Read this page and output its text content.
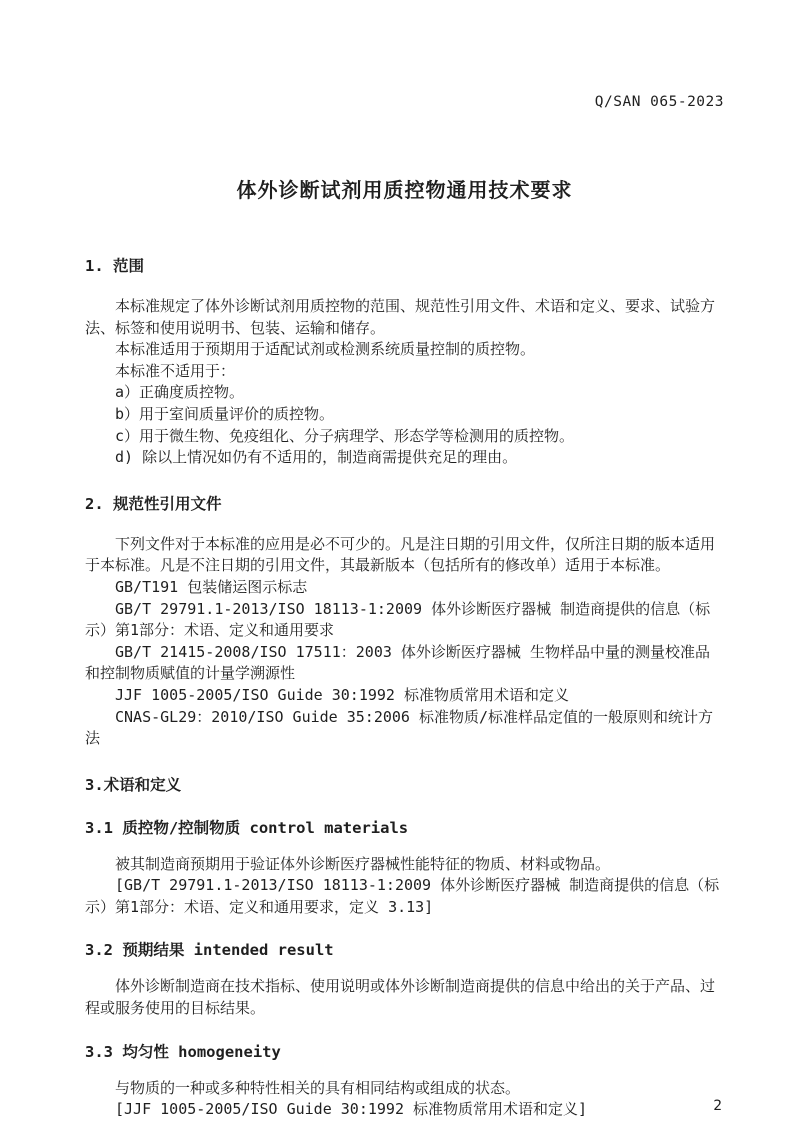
Q/SAN 065-2023
体外诊断试剂用质控物通用技术要求
1. 范围

本标准规定了体外诊断试剂用质控物的范围、规范性引用文件、术语和定义、要求、试验方法、标签和使用说明书、包装、运输和储存。

本标准适用于预期用于适配试剂或检测系统质量控制的质控物。

本标准不适用于：

a）正确度质控物。

b）用于室间质量评价的质控物。

c）用于微生物、免疫组化、分子病理学、形态学等检测用的质控物。

d) 除以上情况如仍有不适用的，制造商需提供充足的理由。

2. 规范性引用文件

下列文件对于本标准的应用是必不可少的。凡是注日期的引用文件，仅所注日期的版本适用于本标准。凡是不注日期的引用文件，其最新版本（包括所有的修改单）适用于本标准。

GB/T191 包装储运图示标志

GB/T 29791.1-2013/ISO 18113-1:2009 体外诊断医疗器械 制造商提供的信息（标示）第1部分：术语、定义和通用要求

GB/T 21415-2008/ISO 17511：2003 体外诊断医疗器械 生物样品中量的测量校准品和控制物质赋值的计量学溯源性

JJF 1005-2005/ISO Guide 30:1992 标准物质常用术语和定义

CNAS-GL29：2010/ISO Guide 35:2006 标准物质/标准样品定值的一般原则和统计方法

3.术语和定义
3.1 质控物/控制物质 control materials

被其制造商预期用于验证体外诊断医疗器械性能特征的物质、材料或物品。

[GB/T 29791.1-2013/ISO 18113-1:2009 体外诊断医疗器械 制造商提供的信息（标示）第1部分：术语、定义和通用要求，定义 3.13]

3.2 预期结果 intended result

体外诊断制造商在技术指标、使用说明或体外诊断制造商提供的信息中给出的关于产品、过程或服务使用的目标结果。

3.3 均匀性 homogeneity

与物质的一种或多种特性相关的具有相同结构或组成的状态。

[JJF 1005-2005/ISO Guide 30:1992 标准物质常用术语和定义]	2
